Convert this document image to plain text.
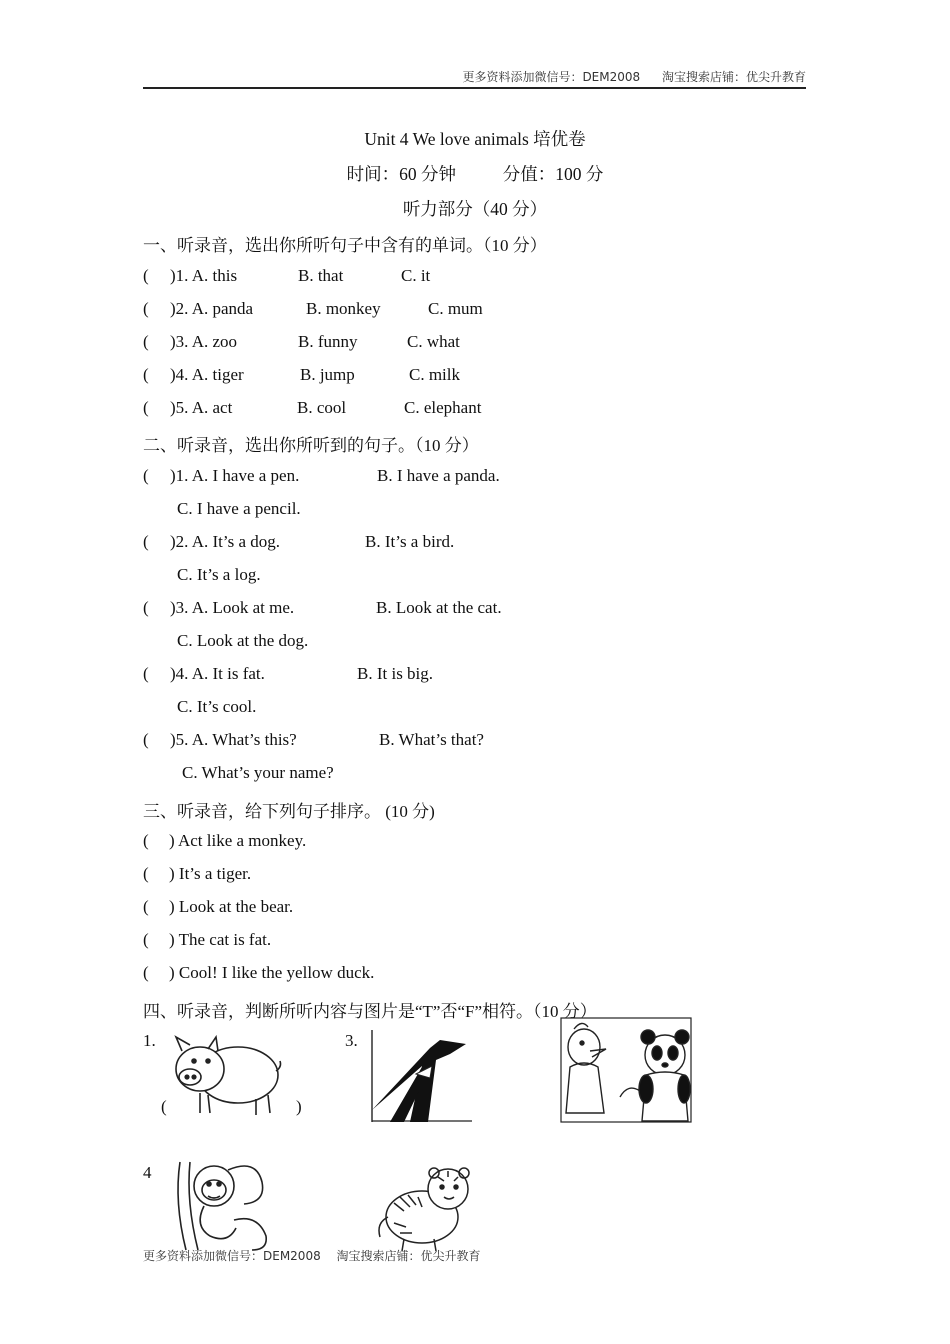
更多资料添加微信号：DEM2008 淘宝搜索店铺：优尖升教育
Unit 4 We love animals 培优卷
时间：60 分钟	分值：100 分
听力部分（40 分）
一、听录音，选出你所听句子中含有的单词。（10 分）
( )1. A. this	B. that	C. it
( )2. A. panda	B. monkey	C. mum
( )3. A. zoo	B. funny	C. what
( )4. A. tiger	B. jump	C. milk
( )5. A. act	B. cool	C. elephant
二、听录音，选出你所听到的句子。（10 分）
( )1. A. I have a pen.	B. I have a panda.
C. I have a pencil.
( )2. A. It’s a dog.	B. It’s a bird.
C. It’s a log.
( )3. A. Look at me.	B. Look at the cat.
C. Look at the dog.
( )4. A. It is fat.	B. It is big.
C. It’s cool.
( )5. A. What’s this?	B. What’s that?
C. What’s your name?
三、听录音，给下列句子排序。 (10 分)
( ) Act like a monkey.
( ) It’s a tiger.
( ) Look at the bear.
( ) The cat is fat.
( ) Cool! I like the yellow duck.
四、听录音，判断所听内容与图片是“T”否“F”相符。（10 分）
1.
(	)
3.
4
更多资料添加微信号：DEM2008 淘宝搜索店铺：优尖升教育
